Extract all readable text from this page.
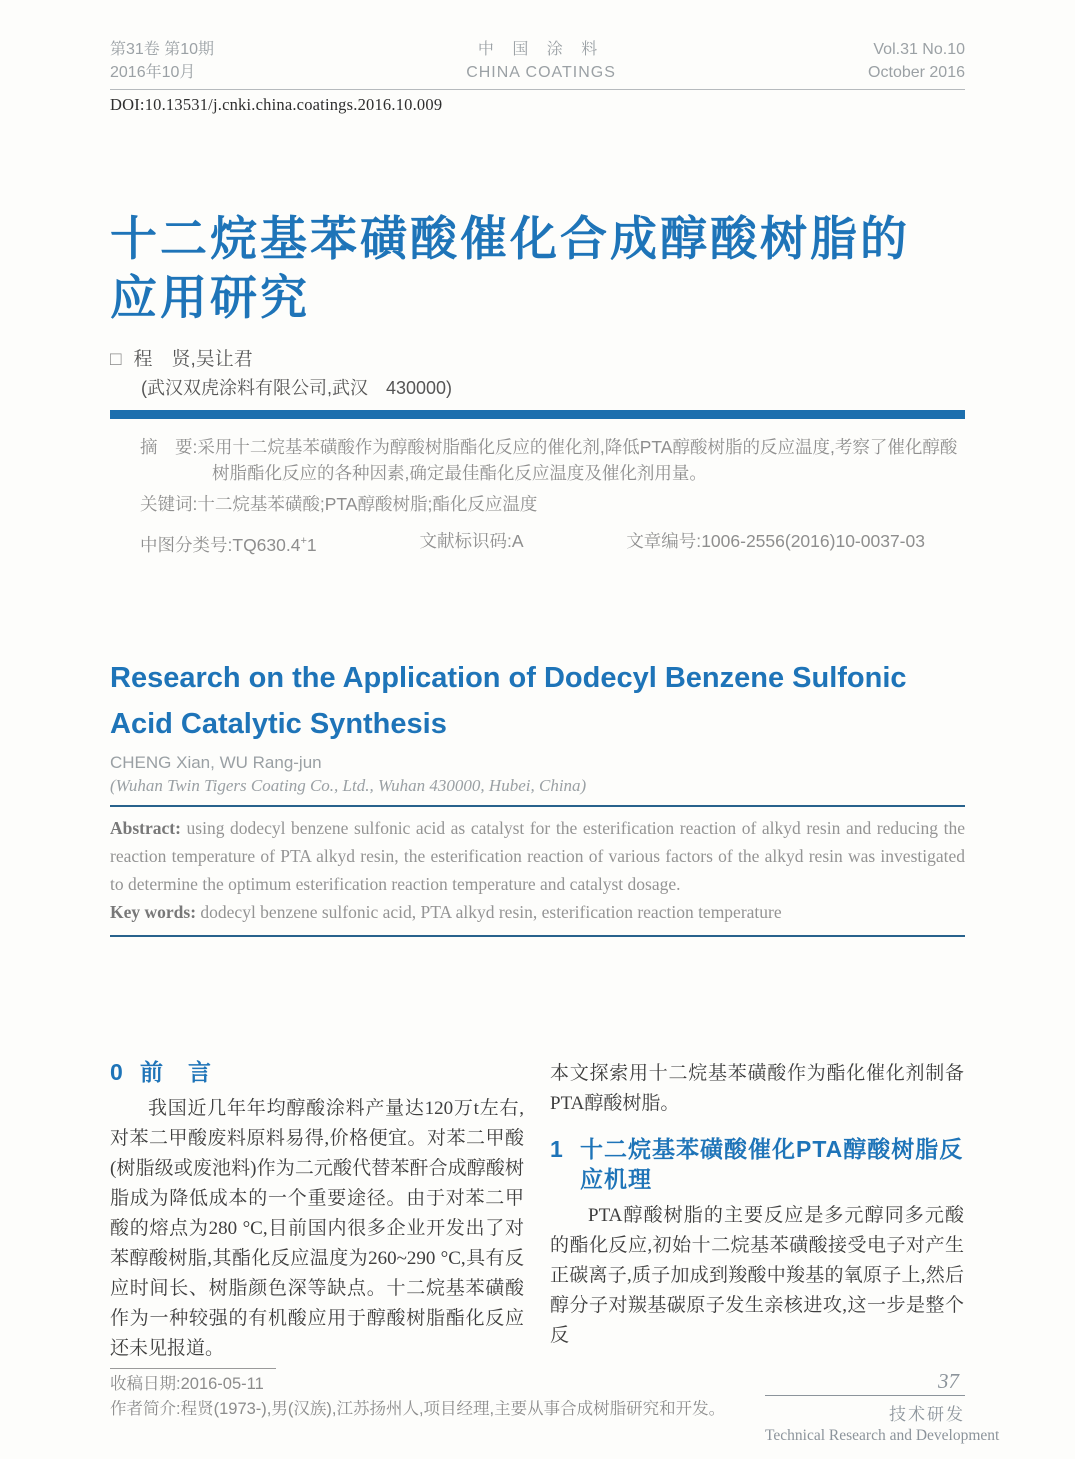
第31卷 第10期
2016年10月
中 国 涂 料
CHINA COATINGS
Vol.31 No.10
October 2016
DOI:10.13531/j.cnki.china.coatings.2016.10.009
十二烷基苯磺酸催化合成醇酸树脂的
应用研究
□ 程　贤,吴让君
(武汉双虎涂料有限公司,武汉　430000)
摘　要:采用十二烷基苯磺酸作为醇酸树脂酯化反应的催化剂,降低PTA醇酸树脂的反应温度,考察了催化醇酸树脂酯化反应的各种因素,确定最佳酯化反应温度及催化剂用量。
关键词:十二烷基苯磺酸;PTA醇酸树脂;酯化反应温度
中图分类号:TQ630.4+1	文献标识码:A	文章编号:1006-2556(2016)10-0037-03
Research on the Application of Dodecyl Benzene Sulfonic
Acid Catalytic Synthesis
CHENG Xian, WU Rang-jun
(Wuhan Twin Tigers Coating Co., Ltd., Wuhan 430000, Hubei, China)
Abstract: using dodecyl benzene sulfonic acid as catalyst for the esterification reaction of alkyd resin and reducing the reaction temperature of PTA alkyd resin, the esterification reaction of various factors of the alkyd resin was investigated to determine the optimum esterification reaction temperature and catalyst dosage.
Key words: dodecyl benzene sulfonic acid, PTA alkyd resin, esterification reaction temperature
0 前　言

我国近几年年均醇酸涂料产量达120万t左右,对苯二甲酸废料原料易得,价格便宜。对苯二甲酸(树脂级或废池料)作为二元酸代替苯酐合成醇酸树脂成为降低成本的一个重要途径。由于对苯二甲酸的熔点为280 °C,目前国内很多企业开发出了对苯醇酸树脂,其酯化反应温度为260~290 °C,具有反应时间长、树脂颜色深等缺点。十二烷基苯磺酸作为一种较强的有机酸应用于醇酸树脂酯化反应还未见报道。

本文探索用十二烷基苯磺酸作为酯化催化剂制备PTA醇酸树脂。

1 十二烷基苯磺酸催化PTA醇酸树脂反应机理

PTA醇酸树脂的主要反应是多元醇同多元酸的酯化反应,初始十二烷基苯磺酸接受电子对产生正碳离子,质子加成到羧酸中羧基的氧原子上,然后醇分子对羰基碳原子发生亲核进攻,这一步是整个反

收稿日期:2016-05-11
作者简介:程贤(1973-),男(汉族),江苏扬州人,项目经理,主要从事合成树脂研究和开发。
37
技术研发
Technical Research and Development
